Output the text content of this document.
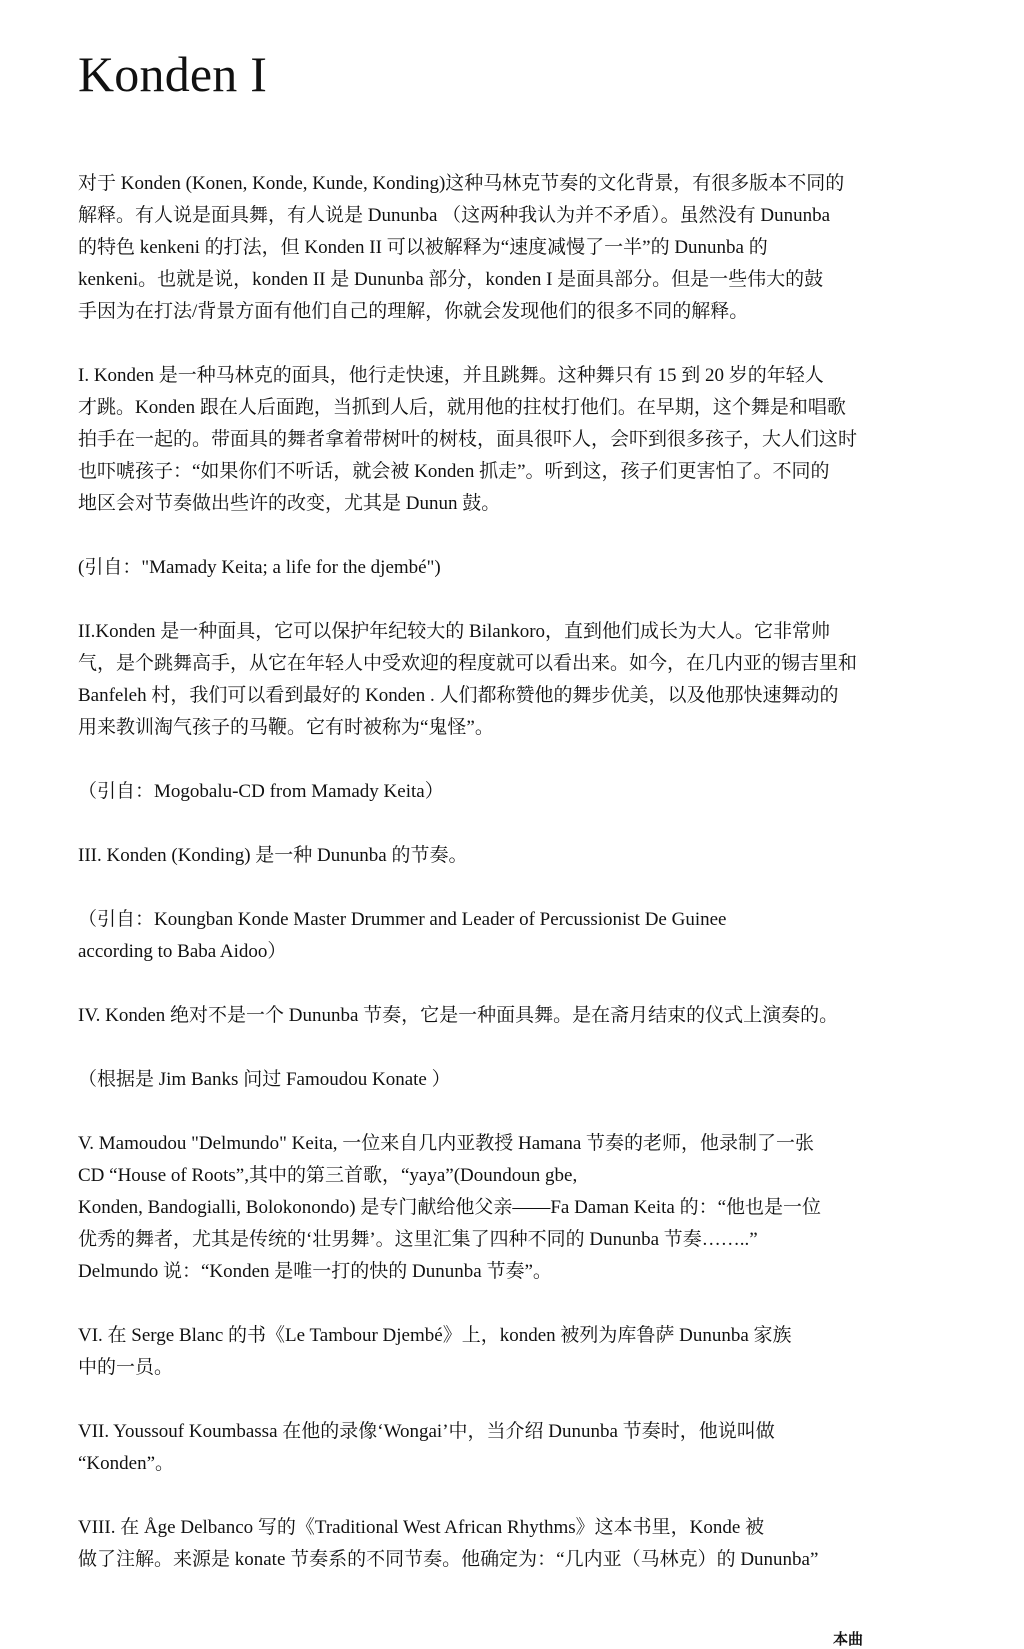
Konden I

对于 Konden (Konen, Konde, Kunde, Konding)这种马林克节奏的文化背景，有很多版本不同的
解释。有人说是面具舞，有人说是 Dununba （这两种我认为并不矛盾）。虽然没有 Dununba
的特色 kenkeni 的打法，但 Konden II 可以被解释为“速度减慢了一半”的 Dununba 的
kenkeni。也就是说，konden II 是 Dununba 部分，konden I 是面具部分。但是一些伟大的鼓
手因为在打法/背景方面有他们自己的理解，你就会发现他们的很多不同的解释。

I. Konden 是一种马林克的面具，他行走快速，并且跳舞。这种舞只有 15 到 20 岁的年轻人
才跳。Konden 跟在人后面跑，当抓到人后，就用他的拄杖打他们。在早期，这个舞是和唱歌
拍手在一起的。带面具的舞者拿着带树叶的树枝，面具很吓人，会吓到很多孩子，大人们这时
也吓唬孩子：“如果你们不听话，就会被 Konden 抓走”。听到这，孩子们更害怕了。不同的
地区会对节奏做出些许的改变，尤其是 Dunun 鼓。

(引自："Mamady Keita; a life for the djembé")

II.Konden 是一种面具，它可以保护年纪较大的 Bilankoro，直到他们成长为大人。它非常帅
气，是个跳舞高手，从它在年轻人中受欢迎的程度就可以看出来。如今，在几内亚的锡吉里和
Banfeleh 村，我们可以看到最好的 Konden . 人们都称赞他的舞步优美，以及他那快速舞动的
用来教训淘气孩子的马鞭。它有时被称为“鬼怪”。

（引自：Mogobalu-CD from Mamady Keita）

III. Konden (Konding) 是一种 Dununba 的节奏。

（引自：Koungban Konde Master Drummer and Leader of Percussionist De Guinee
according to Baba Aidoo）

IV. Konden 绝对不是一个 Dununba 节奏，它是一种面具舞。是在斋月结束的仪式上演奏的。

（根据是 Jim Banks 问过 Famoudou Konate ）

V. Mamoudou "Delmundo" Keita, 一位来自几内亚教授 Hamana 节奏的老师，他录制了一张
CD “House of Roots”,其中的第三首歌，“yaya”(Doundoun gbe,
Konden, Bandogialli, Bolokonondo) 是专门献给他父亲——Fa Daman Keita 的：“他也是一位
优秀的舞者，尤其是传统的‘壮男舞’。这里汇集了四种不同的 Dununba 节奏……..”
Delmundo 说：“Konden 是唯一打的快的 Dununba 节奏”。

VI. 在 Serge Blanc 的书《Le Tambour Djembé》上，konden 被列为库鲁萨 Dununba 家族
中的一员。

VII. Youssouf Koumbassa 在他的录像‘Wongai’中，当介绍 Dununba 节奏时，他说叫做
“Konden”。

VIII. 在 Åge Delbanco 写的《Traditional West African Rhythms》这本书里，Konde 被
做了注解。来源是 konate 节奏系的不同节奏。他确定为：“几内亚（马林克）的 Dununba”

本曲
